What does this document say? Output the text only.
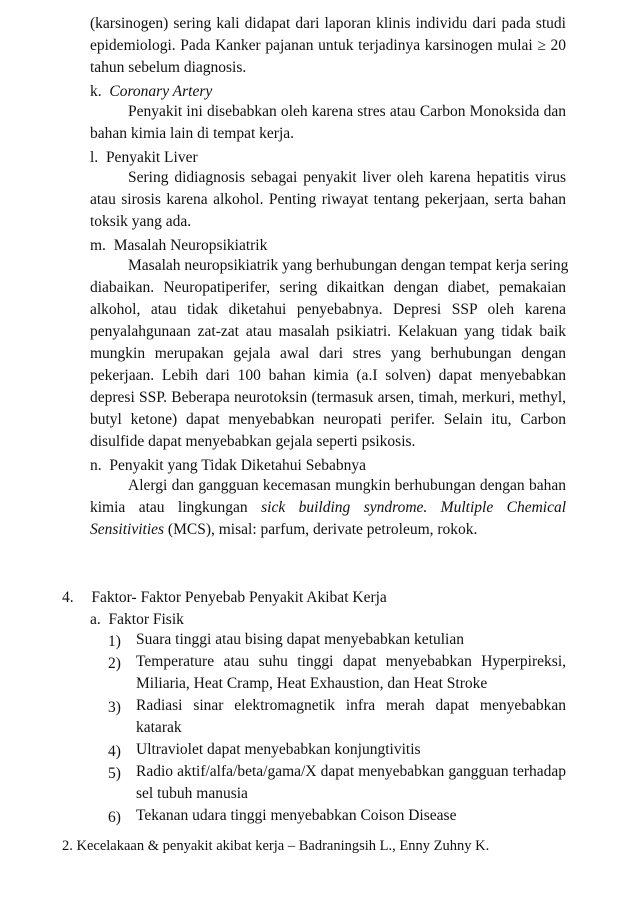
(karsinogen) sering kali didapat dari laporan klinis individu dari pada studi
epidemiologi. Pada Kanker pajanan untuk terjadinya karsinogen mulai ≥ 20
tahun sebelum diagnosis.
k. Coronary Artery
Penyakit ini disebabkan oleh karena stres atau Carbon Monoksida dan
bahan kimia lain di tempat kerja.
l. Penyakit Liver
Sering didiagnosis sebagai penyakit liver oleh karena hepatitis virus
atau sirosis karena alkohol. Penting riwayat tentang pekerjaan, serta bahan
toksik yang ada.
m. Masalah Neuropsikiatrik
Masalah neuropsikiatrik yang berhubungan dengan tempat kerja sering
diabaikan. Neuropatiperifer, sering dikaitkan dengan diabet, pemakaian
alkohol, atau tidak diketahui penyebabnya. Depresi SSP oleh karena
penyalahgunaan zat-zat atau masalah psikiatri. Kelakuan yang tidak baik
mungkin merupakan gejala awal dari stres yang berhubungan dengan
pekerjaan. Lebih dari 100 bahan kimia (a.I solven) dapat menyebabkan
depresi SSP. Beberapa neurotoksin (termasuk arsen, timah, merkuri, methyl,
butyl ketone) dapat menyebabkan neuropati perifer. Selain itu, Carbon
disulfide dapat menyebabkan gejala seperti psikosis.
n. Penyakit yang Tidak Diketahui Sebabnya
Alergi dan gangguan kecemasan mungkin berhubungan dengan bahan
kimia atau lingkungan sick building syndrome. Multiple Chemical
Sensitivities (MCS), misal: parfum, derivate petroleum, rokok.
4. Faktor- Faktor Penyebab Penyakit Akibat Kerja
a. Faktor Fisik
1) Suara tinggi atau bising dapat menyebabkan ketulian
2) Temperature atau suhu tinggi dapat menyebabkan Hyperpireksi,
Miliaria, Heat Cramp, Heat Exhaustion, dan Heat Stroke
3) Radiasi sinar elektromagnetik infra merah dapat menyebabkan
katarak
4) Ultraviolet dapat menyebabkan konjungtivitis
5) Radio aktif/alfa/beta/gama/X dapat menyebabkan gangguan terhadap
sel tubuh manusia
6) Tekanan udara tinggi menyebabkan Coison Disease
2. Kecelakaan & penyakit akibat kerja – Badraningsih L., Enny Zuhny K.
